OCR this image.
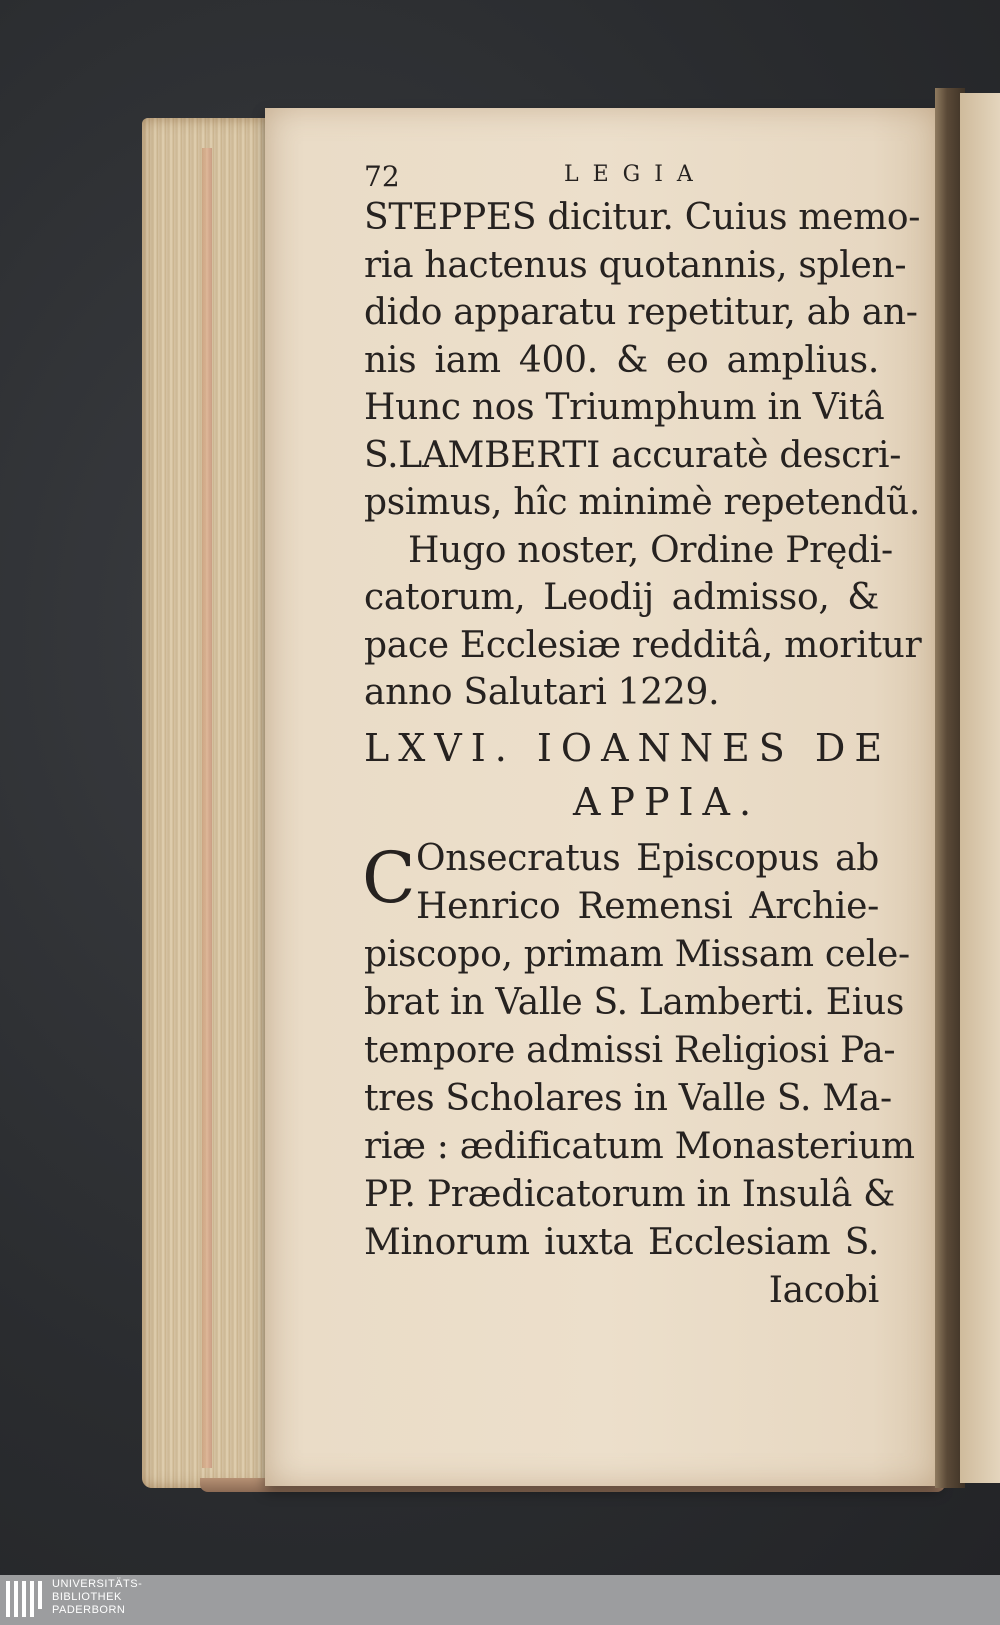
72	LEGIA
STEPPES dicitur. Cuius memo-
ria hactenus quotannis, splen-
dido apparatu repetitur, ab an-
nis iam 400. & eo amplius.
Hunc nos Triumphum in Vitâ
S.LAMBERTI accuratè descri-
psimus, hîc minimè repetendũ.
Hugo noster, Ordine Prędi-
catorum, Leodij admisso, &
pace Ecclesiæ redditâ, moritur
anno Salutari 1229.
LXVI. IOANNES DE
APPIA.
C Onsecratus Episcopus ab
Henrico Remensi Archie-
piscopo, primam Missam cele-
brat in Valle S. Lamberti. Eius
tempore admissi Religiosi Pa-
tres Scholares in Valle S. Ma-
riæ : ædificatum Monasterium
PP. Prædicatorum in Insulâ &
Minorum iuxta Ecclesiam S.
Iacobi
UNIVERSITÄTS-
BIBLIOTHEK
PADERBORN
